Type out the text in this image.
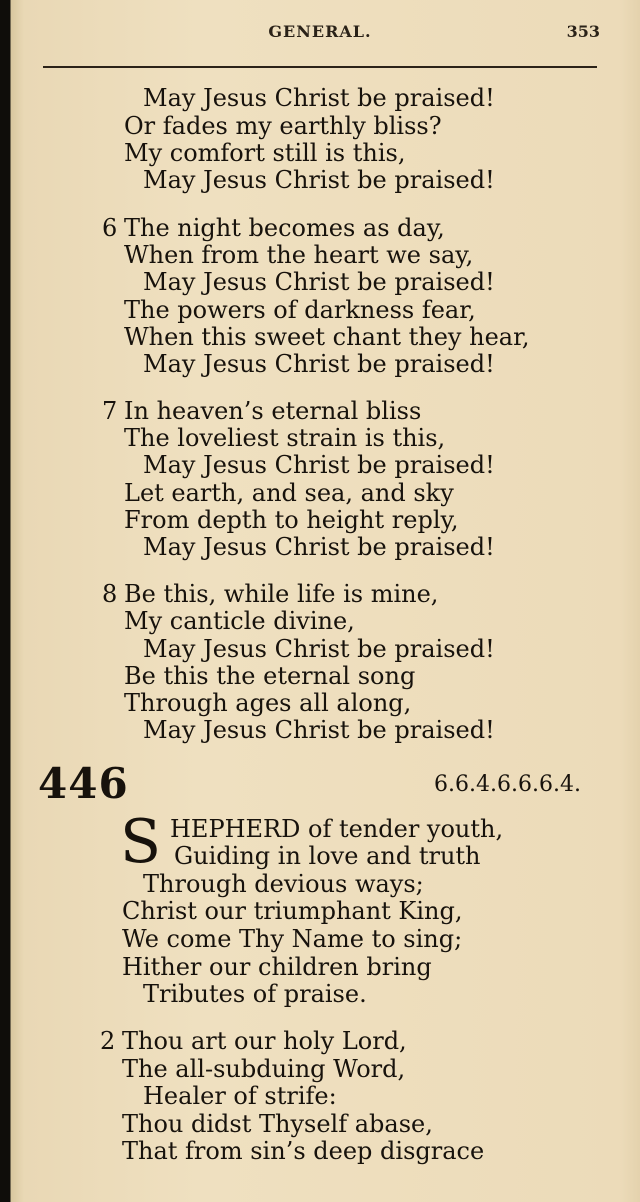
GENERAL.	353
May Jesus Christ be praised!
Or fades my earthly bliss?
My comfort still is this,
May Jesus Christ be praised!
6 The night becomes as day,
When from the heart we say,
May Jesus Christ be praised!
The powers of darkness fear,
When this sweet chant they hear,
May Jesus Christ be praised!
7 In heaven’s eternal bliss
The loveliest strain is this,
May Jesus Christ be praised!
Let earth, and sea, and sky
From depth to height reply,
May Jesus Christ be praised!
8 Be this, while life is mine,
My canticle divine,
May Jesus Christ be praised!
Be this the eternal song
Through ages all along,
May Jesus Christ be praised!
446	6.6.4.6.6.6.4.
S HEPHERD of tender youth,
Guiding in love and truth
Through devious ways;
Christ our triumphant King,
We come Thy Name to sing;
Hither our children bring
Tributes of praise.
2 Thou art our holy Lord,
The all-subduing Word,
Healer of strife:
Thou didst Thyself abase,
That from sin’s deep disgrace
